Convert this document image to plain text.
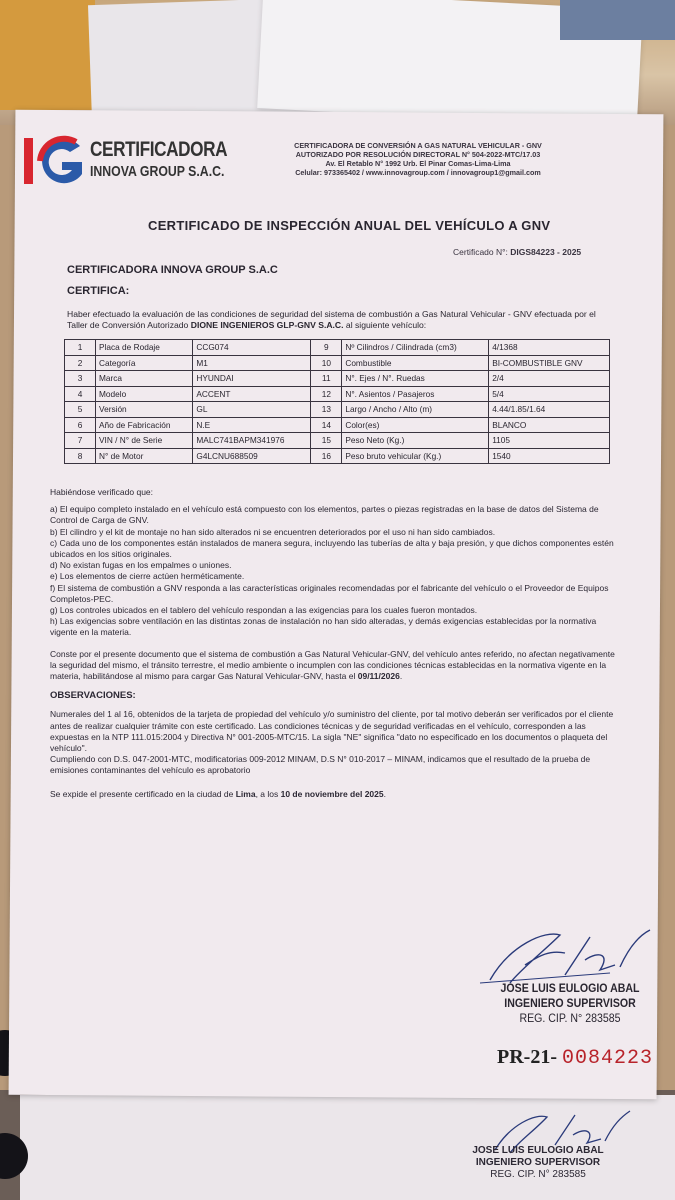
CERTIFICADORA
INNOVA GROUP S.A.C.
CERTIFICADORA DE CONVERSIÓN A GAS NATURAL VEHICULAR - GNV
AUTORIZADO POR RESOLUCIÓN DIRECTORAL N° 504-2022-MTC/17.03
Av. El Retablo N° 1992 Urb. El Pinar Comas-Lima-Lima
Celular: 973365402 / www.innovagroup.com / innovagroup1@gmail.com
CERTIFICADO DE INSPECCIÓN ANUAL DEL VEHÍCULO A GNV
Certificado N°: DIGS84223 - 2025
CERTIFICADORA INNOVA GROUP S.A.C
CERTIFICA:
Haber efectuado la evaluación de las condiciones de seguridad del sistema de combustión a Gas Natural Vehicular - GNV efectuada por el Taller de Conversión Autorizado DIONE INGENIEROS GLP-GNV S.A.C. al siguiente vehículo:
1	Placa de Rodaje	CCG074	9	Nº Cilindros / Cilindrada (cm3)	4/1368
2	Categoría	M1	10	Combustible	BI-COMBUSTIBLE GNV
3	Marca	HYUNDAI	11	N°. Ejes / N°. Ruedas	2/4
4	Modelo	ACCENT	12	N°. Asientos / Pasajeros	5/4
5	Versión	GL	13	Largo / Ancho / Alto (m)	4.44/1.85/1.64
6	Año de Fabricación	N.E	14	Color(es)	BLANCO
7	VIN / N° de Serie	MALC741BAPM341976	15	Peso Neto (Kg.)	1105
8	N° de Motor	G4LCNU688509	16	Peso bruto vehicular (Kg.)	1540

Habiéndose verificado que:

a) El equipo completo instalado en el vehículo está compuesto con los elementos, partes o piezas registradas en la base de datos del Sistema de Control de Carga de GNV.

b) El cilindro y el kit de montaje no han sido alterados ni se encuentren deteriorados por el uso ni han sido cambiados.

c) Cada uno de los componentes están instalados de manera segura, incluyendo las tuberías de alta y baja presión, y que dichos componentes estén ubicados en los sitios originales.

d) No existan fugas en los empalmes o uniones.

e) Los elementos de cierre actúen herméticamente.

f) El sistema de combustión a GNV responda a las características originales recomendadas por el fabricante del vehículo o el Proveedor de Equipos Completos-PEC.

g) Los controles ubicados en el tablero del vehículo respondan a las exigencias para los cuales fueron montados.

h) Las exigencias sobre ventilación en las distintas zonas de instalación no han sido alteradas, y demás exigencias establecidas por la normativa vigente en la materia.

Conste por el presente documento que el sistema de combustión a Gas Natural Vehicular-GNV, del vehículo antes referido, no afectan negativamente la seguridad del mismo, el tránsito terrestre, el medio ambiente o incumplen con las condiciones técnicas establecidas en la normativa vigente en la materia, habilitándose al mismo para cargar Gas Natural Vehicular-GNV, hasta el 09/11/2026.

OBSERVACIONES:

Numerales del 1 al 16, obtenidos de la tarjeta de propiedad del vehículo y/o suministro del cliente, por tal motivo deberán ser verificados por el cliente antes de realizar cualquier trámite con este certificado. Las condiciones técnicas y de seguridad verificadas en el vehículo, corresponden a las expuestas en la NTP 111.015:2004 y Directiva N° 001-2005-MTC/15. La sigla "NE" significa "dato no especificado en los documentos o plaqueta del vehículo".

Cumpliendo con D.S. 047-2001-MTC, modificatorias 009-2012 MINAM, D.S N° 010-2017 – MINAM, indicamos que el resultado de la prueba de emisiones contaminantes del vehículo es aprobatorio

Se expide el presente certificado en la ciudad de Lima, a los 10 de noviembre del 2025.

JOSE LUIS EULOGIO ABAL
INGENIERO SUPERVISOR
REG. CIP. N° 283585
PR-21- 0084223
JOSE LUIS EULOGIO ABAL
INGENIERO SUPERVISOR
REG. CIP. N° 283585
